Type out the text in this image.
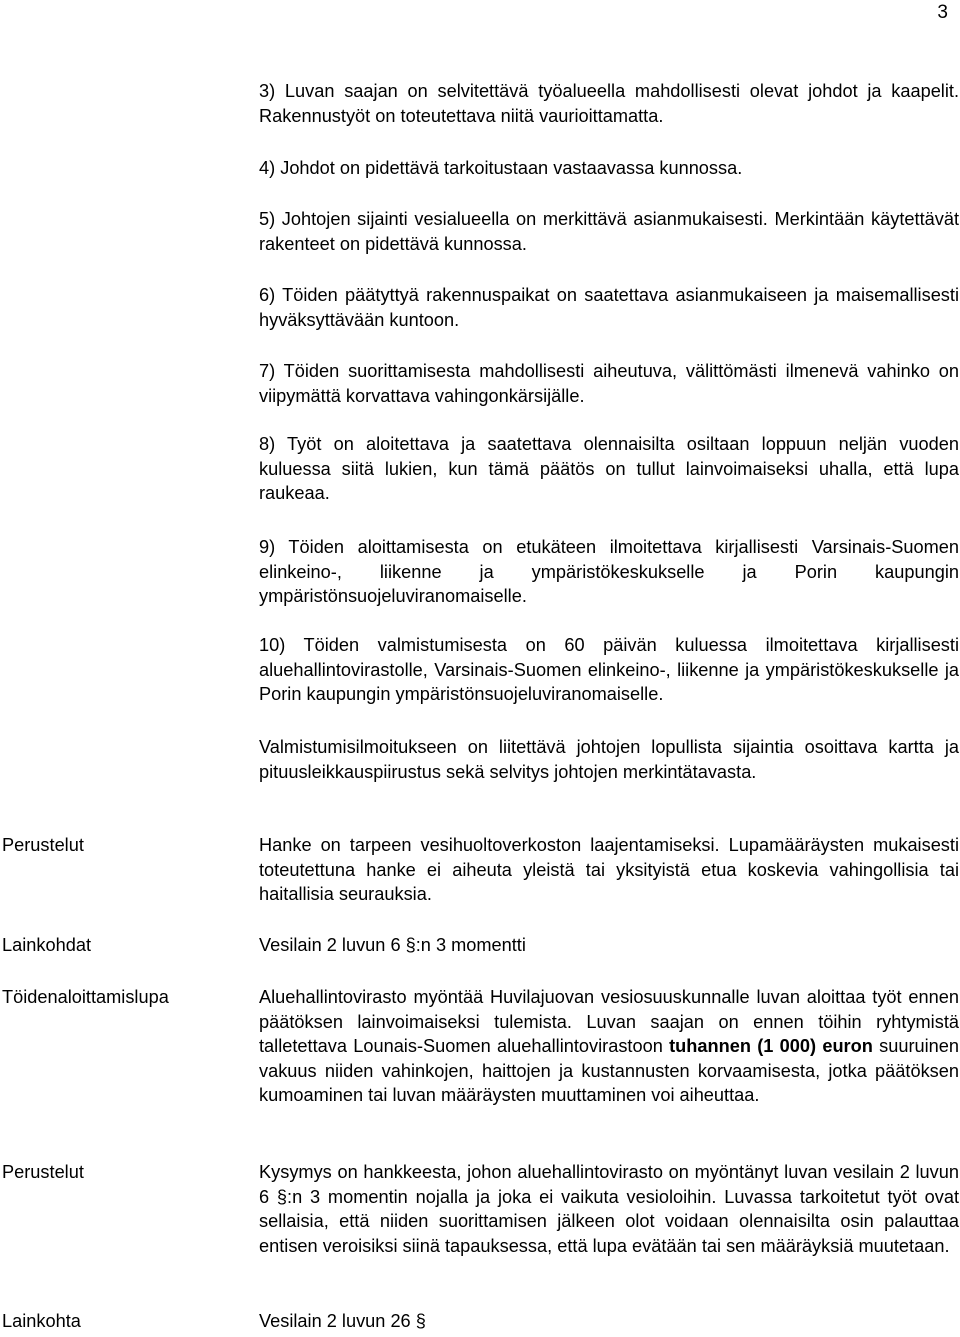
3

3) Luvan saajan on selvitettävä työalueella mahdollisesti olevat johdot ja kaapelit. Rakennustyöt on toteutettava niitä vaurioittamatta.

4) Johdot on pidettävä tarkoitustaan vastaavassa kunnossa.

5) Johtojen sijainti vesialueella on merkittävä asianmukaisesti. Merkintään käytettävät rakenteet on pidettävä kunnossa.

6) Töiden päätyttyä rakennuspaikat on saatettava asianmukaiseen ja maisemallisesti hyväksyttävään kuntoon.

7) Töiden suorittamisesta mahdollisesti aiheutuva, välittömästi ilmenevä vahinko on viipymättä korvattava vahingonkärsijälle.

8) Työt on aloitettava ja saatettava olennaisilta osiltaan loppuun neljän vuoden kuluessa siitä lukien, kun tämä päätös on tullut lainvoimaiseksi uhalla, että lupa raukeaa.

9) Töiden aloittamisesta on etukäteen ilmoitettava kirjallisesti Varsinais-Suomen elinkeino-, liikenne ja ympäristökeskukselle ja Porin kaupungin ympäristönsuojeluviranomaiselle.

10) Töiden valmistumisesta on 60 päivän kuluessa ilmoitettava kirjallisesti aluehallintovirastolle, Varsinais-Suomen elinkeino-, liikenne ja ympäristökeskukselle ja Porin kaupungin ympäristönsuojeluviranomaiselle.

Valmistumisilmoitukseen on liitettävä johtojen lopullista sijaintia osoittava kartta ja pituusleikkauspiirustus sekä selvitys johtojen merkintätavasta.

Perustelut	Hanke on tarpeen vesihuoltoverkoston laajentamiseksi. Lupamääräysten mukaisesti toteutettuna hanke ei aiheuta yleistä tai yksityistä etua koskevia vahingollisia tai haitallisia seurauksia.

Lainkohdat	Vesilain 2 luvun 6 §:n 3 momentti

Töidenaloittamislupa	Aluehallintovirasto myöntää Huvilajuovan vesiosuuskunnalle luvan aloittaa työt ennen päätöksen lainvoimaiseksi tulemista. Luvan saajan on ennen töihin ryhtymistä talletettava Lounais-Suomen aluehallintovirastoon tuhannen (1 000) euron suuruinen vakuus niiden vahinkojen, haittojen ja kustannusten korvaamisesta, jotka päätöksen kumoaminen tai luvan määräysten muuttaminen voi aiheuttaa.

Perustelut	Kysymys on hankkeesta, johon aluehallintovirasto on myöntänyt luvan vesilain 2 luvun 6 §:n 3 momentin nojalla ja joka ei vaikuta vesioloihin. Luvassa tarkoitetut työt ovat sellaisia, että niiden suorittamisen jälkeen olot voidaan olennaisilta osin palauttaa entisen veroisiksi siinä tapauksessa, että lupa evätään tai sen määräyksiä muutetaan.

Lainkohta	Vesilain 2 luvun 26 §
